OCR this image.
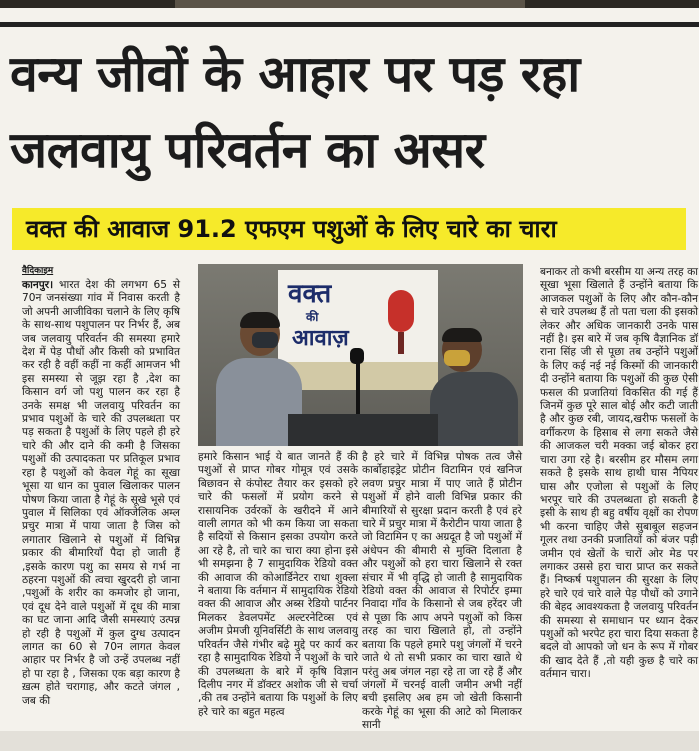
वन्य जीवों के आहार पर पड़ रहा
जलवायु परिवर्तन का असर
वक्त की आवाज 91.2 एफएम पशुओं के लिए चारे का चारा
वैदिकाइम
कानपुर। भारत देश की लगभग 65 से 70न जनसंख्या गांव में निवास करती है जो अपनी आजीविका चलाने के लिए कृषि के साथ-साथ पशुपालन पर निर्भर हैं, अब जब जलवायु परिवर्तन की समस्या हमारे देश में पेड़ पौधों और किसी को प्रभावित कर रही है वहीं कहीं ना कहीं आमजन भी इस समस्या से जूझ रहा है ,देश का किसान वर्ग जो पशु पालन कर रहा है उनके समक्ष भी जलवायु परिवर्तन का प्रभाव पशुओं के चारे की उपलब्धता पर पड़ सकता है पशुओं के लिए पहले ही हरे चारे की और दाने की कमी है जिसका पशुओं की उत्पादकता पर प्रतिकूल प्रभाव रहा है पशुओं को केवल गेहूं का सूखा भूसा या धान का पुवाल खिलाकर पालन पोषण किया जाता है गेहूं के सूखे भूसे एवं पुवाल में सिलिका एवं ऑक्जेलिक अम्ल प्रचुर मात्रा में पाया जाता है जिस को लगातार खिलाने से पशुओं में विभिन्न प्रकार की बीमारियाँ पैदा हो जाती हैं ,इसके कारण पशु का समय से गर्भ ना ठहरना पशुओं की त्वचा खुरदरी हो जाना ,पशुओं के शरीर का कमजोर हो जाना, एवं दूध देने वाले पशुओं में दूध की मात्रा का घट जाना आदि जैसी समस्याएं उत्पन्न हो रही है पशुओं में कुल दुग्ध उत्पादन लागत का 60 से 70न लागत केवल आहार पर निर्भर है जो उन्हें उपलब्ध नहीं हो पा रहा है , जिसका एक बड़ा कारण है ख़त्म होते चरागाह, और कटते जंगल , जब की
वक्त
की
आवाज़
हमारे किसान भाई ये बात जानते हैं की पशुओं से प्राप्त गोबर गोमूत्र एवं उसके बिछावन से कंपोस्ट तैयार कर इसको हरे चारे की फसलों में प्रयोग करने से रासायनिक उर्वरकों के खरीदने में आने वाली लागत को भी कम किया जा सकता है सदियों से किसान इसका उपयोग करते आ रहे है, तो चारे का चारा क्या होना इसे भी समझना है 7 सामुदायिक रेडियो वक्त की आवाज की कोआर्डिनेटर राधा शुक्ला ने बताया कि वर्तमान में सामुदायिक रेडियो वक्त की आवाज और अब्स रेडियो पार्टनर मिलकर डेवलपमेंट अल्टरनेटिव्स एवं अजीम प्रेमजी यूनिवर्सिटी के साथ जलवायु परिवर्तन जैसे गंभीर बढ़े मुद्दे पर कार्य कर रहा है सामुदायिक रेडियो ने पशुओं के चारे की उपलब्धता के बारे में कृषि विज्ञान दिलीप नगर में डॉक्टर अशोक जी से चर्चा ,की तब उन्होंने बताया कि पशुओं के लिए हरे चारे का बहुत महत्व
है हरे चारे में विभिन्न पोषक तत्व जैसे कार्बोहाइड्रेट प्रोटीन विटामिन एवं खनिज लवण प्रचुर मात्रा में पाए जाते हैं प्रोटीन पशुओं में होने वाली विभिन्न प्रकार की बीमारियों से सुरक्षा प्रदान करती है एवं हरे चारे में प्रचुर मात्रा में कैरोटीन पाया जाता है जो विटामिन ए का अग्रदूत है जो पशुओं में अंधेपन की बीमारी से मुक्ति दिलाता है और पशुओं को हरा चारा खिलाने से रक्त संचार में भी वृद्धि हो जाती है सामुदायिक रेडियो वक्त की आवाज से रिपोर्टर इम्मा निवादा गाँव के किसानो से जब हरेंदर जी से पूछा कि आप अपने पशुओं को किस तरह का चारा खिलाते हो, तो उन्होंने बताया कि पहले हमारे पशु जंगलों में चरने जाते थे तो सभी प्रकार का चारा खाते थे परंतु अब जंगल नहा रहे ता जा रहे हैं और जंगलों में चरनई वाली जमीन अभी नहीं बची इसलिए अब हम जो खेती किसानी करके गेहूं का भूसा की आटे को मिलाकर सानी
बनाकर तो कभी बरसीम या अन्य तरह का सूखा भूसा खिलाते हैं उन्होंने बताया कि आजकल पशुओं के लिए और कौन-कौन से चारे उपलब्ध हैं तो पता चला की इसको लेकर और अधिक जानकारी उनके पास नहीं है। इस बारे में जब कृषि वैज्ञानिक डॉ राना सिंह जी से पूछा तब उन्होंने पशुओं के लिए कई नई नई किस्मों की जानकारी दी उन्होंने बताया कि पशुओं की कुछ ऐसी फसल की प्रजातियां विकसित की गई हैं जिनमें कुछ पूरे साल बोई और कटी जाती है और कुछ रबी, जायद,खरीफ फसलों के वर्गीकरण के हिसाब से लगा सकते जैसे की आजकल चरी मक्का जई बोकर हरा चारा उगा रहे है। बरसीम हर मौसम लगा सकते है इसके साथ हाथी घास नैपियर घास और एजोला से पशुओं के लिए भरपूर चारे की उपलब्धता हो सकती है इसी के साथ ही बहु वर्षीय वृक्षों का रोपण भी करना चाहिए जैसे सुबाबूल सहजन गूलर तथा उनकी प्रजातियों को बंजर पड़ी जमीन एवं खेतों के चारों ओर मेड पर लगाकर उससे हरा चारा प्राप्त कर सकते हैं। निष्कर्ष पशुपालन की सुरक्षा के लिए हरे चारे एवं चारे वाले पेड़ पौधों को उगाने की बेहद आवश्यकता है जलवायु परिवर्तन की समस्या से समाधान पर ध्यान देकर पशुओं को भरपेट हरा चारा दिया सकता है बदले वो आपको जो धन के रूप में गोबर की खाद देते हैं ,तो यही कुछ है चारे का वर्तमान चारा।
